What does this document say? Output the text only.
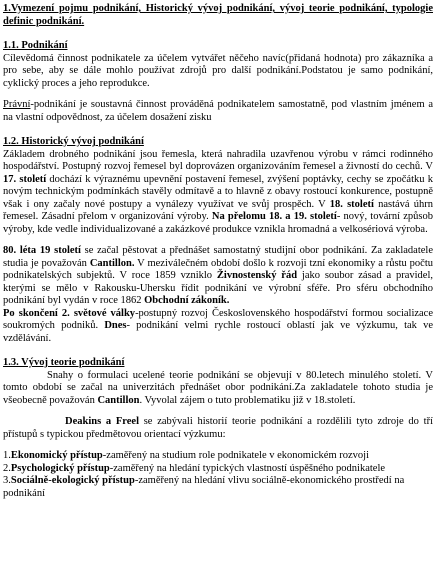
1.Vymezení pojmu podnikání, Historický vývoj podnikání, vývoj teorie podnikání, typologie definic podnikání.

1.1. Podnikání

Cílevědomá činnost podnikatele za účelem vytvářet něčeho navíc(přidaná hodnota) pro zákazníka a pro sebe, aby se dále mohlo používat zdrojů pro další podnikání.Podstatou je samo podnikání, cyklický proces a jeho reprodukce.

Právní-podnikání je soustavná činnost prováděná podnikatelem samostatně, pod vlastním jménem a na vlastní odpovědnost, za účelem dosažení zisku

1.2. Historický vývoj podnikání

Základem drobného podnikání jsou řemesla, která nahradila uzavřenou výrobu v rámci rodinného hospodářství. Postupný rozvoj řemesel byl doprovázen organizováním řemesel a živností do cechů. V 17. století dochází k výraznému upevnění postavení řemesel, zvýšení poptávky, cechy se zpočátku k novým technickým podmínkách stavěly odmítavě a to hlavně z obavy rostoucí konkurence, postupně však i ony začaly nové postupy a vynálezy využívat ve svůj prospěch. V 18. století nastává úhrn řemesel. Zásadní přelom v organizování výroby. Na přelomu 18. a 19. století- nový, tovární způsob výroby, kde vedle individualizované a zakázkové produkce vznikla hromadná a velkosériová výroba.

80. léta 19 století se začal pěstovat a přednášet samostatný studijní obor podnikání. Za zakladatele studia je považován Cantillon. V meziválečném období došlo k rozvoji tzní ekonomiky a růstu počtu podnikatelských subjektů. V roce 1859 vzniklo Živnostenský řád jako soubor zásad a pravidel, kterými se mělo v Rakousku-Uhersku řídit podnikání ve výrobní sféře. Pro sféru obchodního podnikání byl vydán v roce 1862 Obchodní zákoník.

Po skončení 2. světové války-postupný rozvoj Československého hospodářství formou socializace soukromých podniků. Dnes- podnikání velmi rychle rostoucí oblastí jak ve výzkumu, tak ve vzdělávání.

1.3. Vývoj teorie podnikání

Snahy o formulaci ucelené teorie podnikání se objevují v 80.letech minulého století. V tomto období se začal na univerzitách přednášet obor podnikání.Za zakladatele tohoto studia je všeobecně považován Cantillon. Vyvolal zájem o tuto problematiku již v 18.století.

Deakins a Freel se zabývali historií teorie podnikání a rozdělili tyto zdroje do tří přístupů s typickou předmětovou orientací výzkumu:

1.Ekonomický přístup-zaměřený na studium role podnikatele v ekonomickém rozvoji

2.Psychologický přístup-zaměřený na hledání typických vlastností úspěšného podnikatele

3.Sociálně-ekologický přístup-zaměřený na hledání vlivu sociálně-ekonomického prostředí na podnikání
